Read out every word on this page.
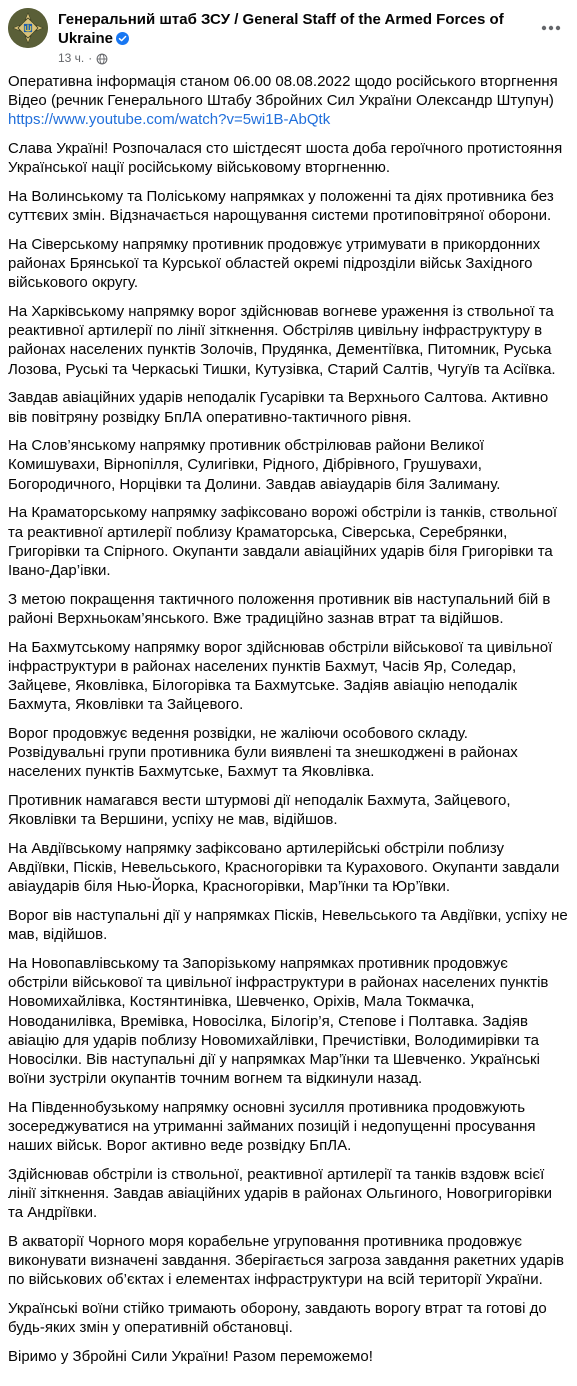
Генеральний штаб ЗСУ / General Staff of the Armed Forces of Ukraine
13 ч. ·

Оперативна інформація станом 06.00 08.08.2022 щодо російського вторгнення Відео (речник Генерального Штабу Збройних Сил України Олександр Штупун)
https://www.youtube.com/watch?v=5wi1B-AbQtk

Слава Україні! Розпочалася сто шістдесят шоста доба героїчного протистояння Української нації російському військовому вторгненню.

На Волинському та Поліському напрямках у положенні та діях противника без суттєвих змін. Відзначається нарощування системи протиповітряної оборони.

На Сіверському напрямку противник продовжує утримувати в прикордонних районах Брянської та Курської областей окремі підрозділи військ Західного військового округу.

На Харківському напрямку ворог здійснював вогневе ураження із ствольної та реактивної артилерії по лінії зіткнення. Обстріляв цивільну інфраструктуру в районах населених пунктів Золочів, Прудянка, Дементіївка, Питомник, Руська Лозова, Руські та Черкаські Тишки, Кутузівка, Старий Салтів, Чугуїв та Асіївка.

Завдав авіаційних ударів неподалік Гусарівки та Верхнього Салтова. Активно вів повітряну розвідку БпЛА оперативно-тактичного рівня.

На Слов’янському напрямку противник обстрілював райони Великої Комишувахи, Вірнопілля, Сулигівки, Рідного, Дібрівного, Грушувахи, Богородичного, Норцівки та Долини. Завдав авіаударів біля Залиману.

На Краматорському напрямку зафіксовано ворожі обстріли із танків, ствольної та реактивної артилерії поблизу Краматорська, Сіверська, Серебрянки, Григорівки та Спірного. Окупанти завдали авіаційних ударів біля Григорівки та Івано-Дар’івки.

З метою покращення тактичного положення противник вів наступальний бій в районі Верхньокам’янського. Вже традиційно зазнав втрат та відійшов.

На Бахмутському напрямку ворог здійснював обстріли військової та цивільної інфраструктури в районах населених пунктів Бахмут, Часів Яр, Соледар, Зайцеве, Яковлівка, Білогорівка та Бахмутське. Задіяв авіацію неподалік Бахмута, Яковлівки та Зайцевого.

Ворог продовжує ведення розвідки, не жаліючи особового складу. Розвідувальні групи противника були виявлені та знешкоджені в районах населених пунктів Бахмутське, Бахмут та Яковлівка.

Противник намагався вести штурмові дії неподалік Бахмута, Зайцевого, Яковлівки та Вершини, успіху не мав, відійшов.

На Авдіївському напрямку зафіксовано артилерійські обстріли поблизу Авдіївки, Пісків, Невельського, Красногорівки та Курахового. Окупанти завдали авіаударів біля Нью-Йорка, Красногорівки, Мар’їнки та Юр’ївки.

Ворог вів наступальні дії у напрямках Пісків, Невельського та Авдіївки, успіху не мав, відійшов.

На Новопавлівському та Запорізькому напрямках противник продовжує обстріли військової та цивільної інфраструктури в районах населених пунктів Новомихайлівка, Костянтинівка, Шевченко, Оріхів, Мала Токмачка, Новоданилівка, Времівка, Новосілка, Білогір’я, Степове і Полтавка. Задіяв авіацію для ударів поблизу Новомихайлівки, Пречистівки, Володимирівки та Новосілки. Вів наступальні дії у напрямках Мар’їнки та Шевченко. Українські воїни зустріли окупантів точним вогнем та відкинули назад.

На Південнобузькому напрямку основні зусилля противника продовжують зосереджуватися на утриманні займаних позицій і недопущенні просування наших військ. Ворог активно веде розвідку БпЛА.

Здійснював обстріли із ствольної, реактивної артилерії та танків вздовж всієї лінії зіткнення. Завдав авіаційних ударів в районах Ольгиного, Новогригорівки та Андріївки.

В акваторії Чорного моря корабельне угруповання противника продовжує виконувати визначені завдання. Зберігається загроза завдання ракетних ударів по військових об’єктах і елементах інфраструктури на всій території України.

Українські воїни стійко тримають оборону, завдають ворогу втрат та готові до будь-яких змін у оперативній обстановці.

Віримо у Збройні Сили України! Разом переможемо!
